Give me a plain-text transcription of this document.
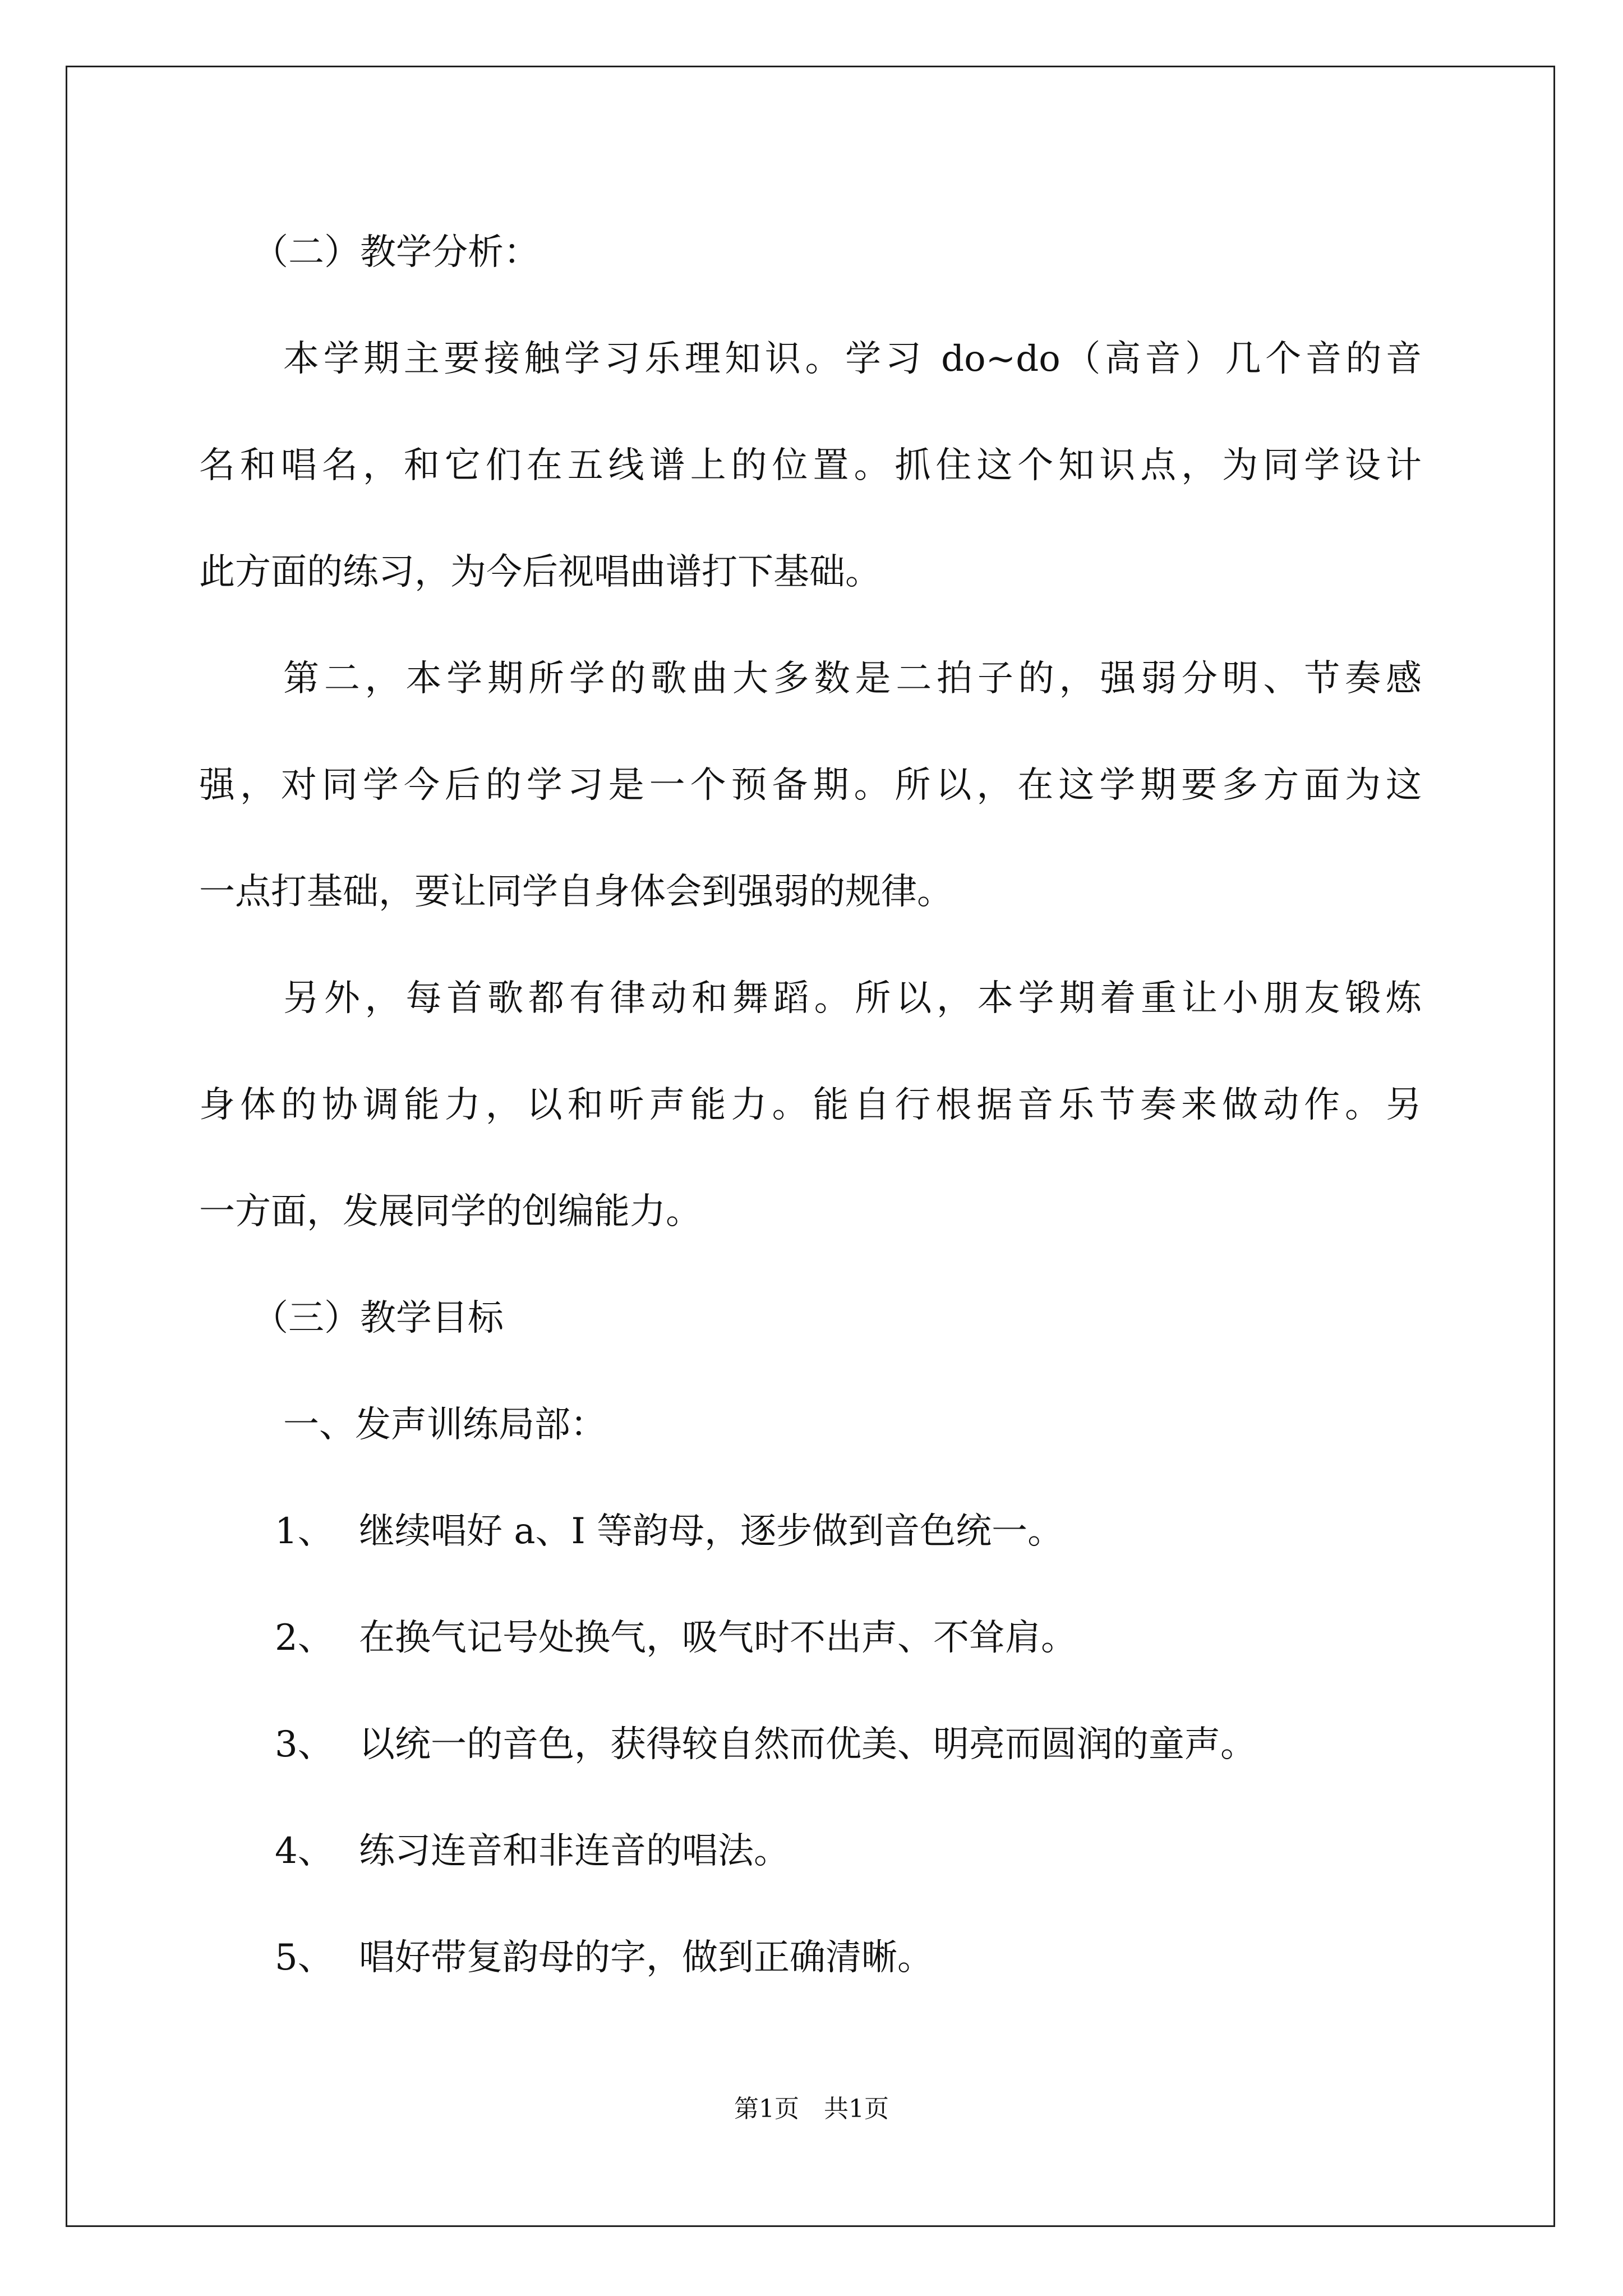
（二）教学分析：
本学期主要接触学习乐理知识。学习 do~do（高音）几个音的音
名和唱名，和它们在五线谱上的位置。抓住这个知识点，为同学设计
此方面的练习，为今后视唱曲谱打下基础。
第二，本学期所学的歌曲大多数是二拍子的，强弱分明、节奏感
强，对同学今后的学习是一个预备期。所以，在这学期要多方面为这
一点打基础，要让同学自身体会到强弱的规律。
另外，每首歌都有律动和舞蹈。所以，本学期着重让小朋友锻炼
身体的协调能力，以和听声能力。能自行根据音乐节奏来做动作。另
一方面，发展同学的创编能力。
（三）教学目标
一、发声训练局部：
1、 继续唱好 a、I 等韵母，逐步做到音色统一。
2、 在换气记号处换气，吸气时不出声、不耸肩。
3、 以统一的音色，获得较自然而优美、明亮而圆润的童声。
4、 练习连音和非连音的唱法。
5、 唱好带复韵母的字，做到正确清晰。
第1页　共1页
